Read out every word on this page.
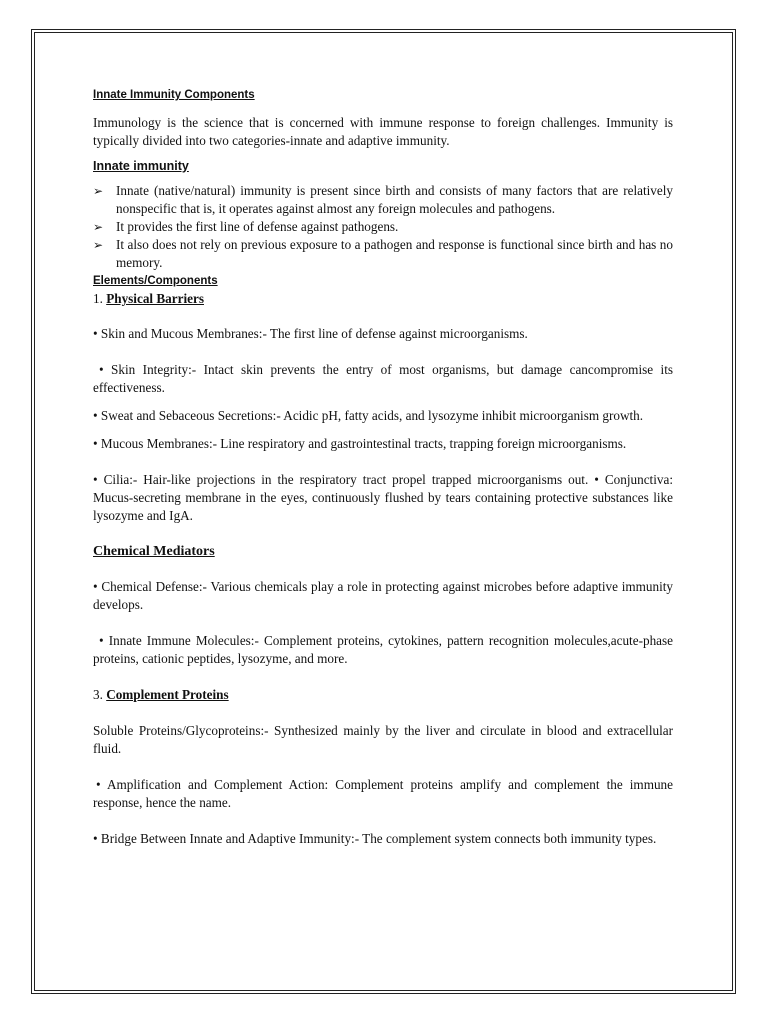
Innate Immunity Components

Immunology is the science that is concerned with immune response to foreign challenges. Immunity is typically divided into two categories-innate and adaptive immunity.

Innate immunity

➢ Innate (native/natural) immunity is present since birth and consists of many factors that are relatively nonspecific that is, it operates against almost any foreign molecules and pathogens.
➢ It provides the first line of defense against pathogens.
➢ It also does not rely on previous exposure to a pathogen and response is functional since birth and has no memory.

Elements/Components

1. Physical Barriers

• Skin and Mucous Membranes:- The first line of defense against microorganisms.

• Skin Integrity:- Intact skin prevents the entry of most organisms, but damage cancompromise its effectiveness.

• Sweat and Sebaceous Secretions:- Acidic pH, fatty acids, and lysozyme inhibit microorganism growth.

• Mucous Membranes:- Line respiratory and gastrointestinal tracts, trapping foreign microorganisms.

• Cilia:- Hair-like projections in the respiratory tract propel trapped microorganisms out. • Conjunctiva: Mucus-secreting membrane in the eyes, continuously flushed by tears containing protective substances like lysozyme and IgA.

Chemical Mediators

• Chemical Defense:- Various chemicals play a role in protecting against microbes before adaptive immunity develops.

• Innate Immune Molecules:- Complement proteins, cytokines, pattern recognition molecules,acute-phase proteins, cationic peptides, lysozyme, and more.

3. Complement Proteins

Soluble Proteins/Glycoproteins:- Synthesized mainly by the liver and circulate in blood and extracellular fluid.

• Amplification and Complement Action: Complement proteins amplify and complement the immune response, hence the name.

• Bridge Between Innate and Adaptive Immunity:- The complement system connects both immunity types.
